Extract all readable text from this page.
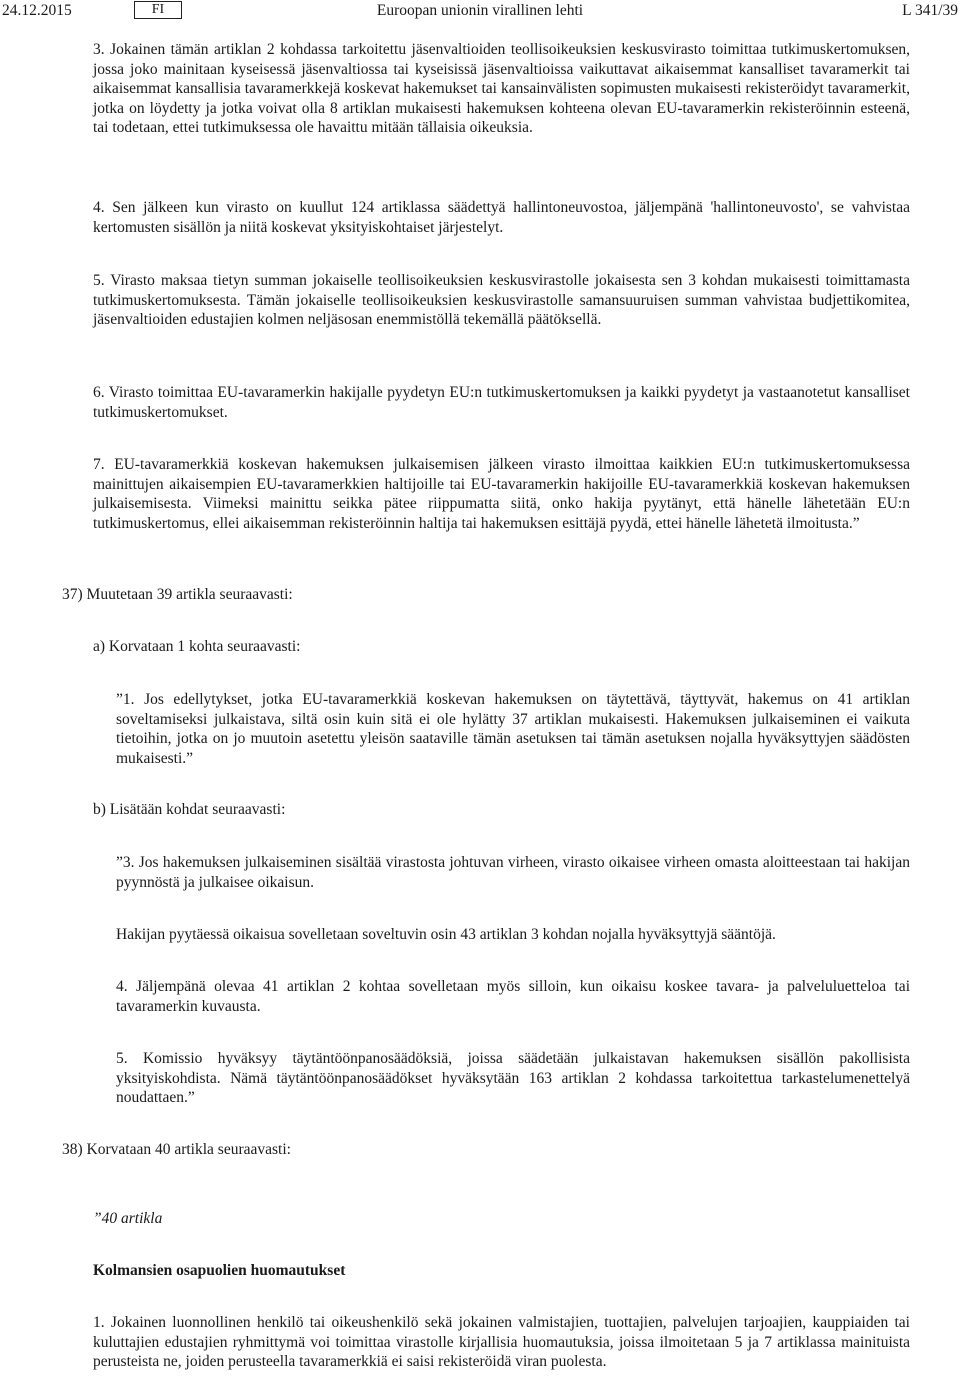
24.12.2015	FI	Euroopan unionin virallinen lehti	L 341/39

3. Jokainen tämän artiklan 2 kohdassa tarkoitettu jäsenvaltioiden teollisoikeuksien keskusvirasto toimittaa tutkimuskertomuksen, jossa joko mainitaan kyseisessä jäsenvaltiossa tai kyseisissä jäsenvaltioissa vaikuttavat aikaisemmat kansalliset tavaramerkit tai aikaisemmat kansallisia tavaramerkkejä koskevat hakemukset tai kansainvälisten sopimusten mukaisesti rekisteröidyt tavaramerkit, jotka on löydetty ja jotka voivat olla 8 artiklan mukaisesti hakemuksen kohteena olevan EU-tavaramerkin rekisteröinnin esteenä, tai todetaan, ettei tutkimuksessa ole havaittu mitään tällaisia oikeuksia.

4. Sen jälkeen kun virasto on kuullut 124 artiklassa säädettyä hallintoneuvostoa, jäljempänä 'hallintoneuvosto', se vahvistaa kertomusten sisällön ja niitä koskevat yksityiskohtaiset järjestelyt.

5. Virasto maksaa tietyn summan jokaiselle teollisoikeuksien keskusvirastolle jokaisesta sen 3 kohdan mukaisesti toimittamasta tutkimuskertomuksesta. Tämän jokaiselle teollisoikeuksien keskusvirastolle samansuuruisen summan vahvistaa budjettikomitea, jäsenvaltioiden edustajien kolmen neljäsosan enemmistöllä tekemällä päätöksellä.

6. Virasto toimittaa EU-tavaramerkin hakijalle pyydetyn EU:n tutkimuskertomuksen ja kaikki pyydetyt ja vastaanotetut kansalliset tutkimuskertomukset.

7. EU-tavaramerkkiä koskevan hakemuksen julkaisemisen jälkeen virasto ilmoittaa kaikkien EU:n tutkimuskertomuksessa mainittujen aikaisempien EU-tavaramerkkien haltijoille tai EU-tavaramerkin hakijoille EU-tavaramerkkiä koskevan hakemuksen julkaisemisesta. Viimeksi mainittu seikka pätee riippumatta siitä, onko hakija pyytänyt, että hänelle lähetetään EU:n tutkimuskertomus, ellei aikaisemman rekisteröinnin haltija tai hakemuksen esittäjä pyydä, ettei hänelle lähetetä ilmoitusta.”

37) Muutetaan 39 artikla seuraavasti:

a) Korvataan 1 kohta seuraavasti:

”1. Jos edellytykset, jotka EU-tavaramerkkiä koskevan hakemuksen on täytettävä, täyttyvät, hakemus on 41 artiklan soveltamiseksi julkaistava, siltä osin kuin sitä ei ole hylätty 37 artiklan mukaisesti. Hakemuksen julkaiseminen ei vaikuta tietoihin, jotka on jo muutoin asetettu yleisön saataville tämän asetuksen tai tämän asetuksen nojalla hyväksyttyjen säädösten mukaisesti.”

b) Lisätään kohdat seuraavasti:

”3. Jos hakemuksen julkaiseminen sisältää virastosta johtuvan virheen, virasto oikaisee virheen omasta aloitteestaan tai hakijan pyynnöstä ja julkaisee oikaisun.

Hakijan pyytäessä oikaisua sovelletaan soveltuvin osin 43 artiklan 3 kohdan nojalla hyväksyttyjä sääntöjä.

4. Jäljempänä olevaa 41 artiklan 2 kohtaa sovelletaan myös silloin, kun oikaisu koskee tavara- ja palveluluetteloa tai tavaramerkin kuvausta.

5. Komissio hyväksyy täytäntöönpanosäädöksiä, joissa säädetään julkaistavan hakemuksen sisällön pakollisista yksityiskohdista. Nämä täytäntöönpanosäädökset hyväksytään 163 artiklan 2 kohdassa tarkoitettua tarkastelumenettelyä noudattaen.”

38) Korvataan 40 artikla seuraavasti:

”40 artikla

Kolmansien osapuolien huomautukset

1. Jokainen luonnollinen henkilö tai oikeushenkilö sekä jokainen valmistajien, tuottajien, palvelujen tarjoajien, kauppiaiden tai kuluttajien edustajien ryhmittymä voi toimittaa virastolle kirjallisia huomautuksia, joissa ilmoitetaan 5 ja 7 artiklassa mainituista perusteista ne, joiden perusteella tavaramerkkiä ei saisi rekisteröidä viran puolesta.
